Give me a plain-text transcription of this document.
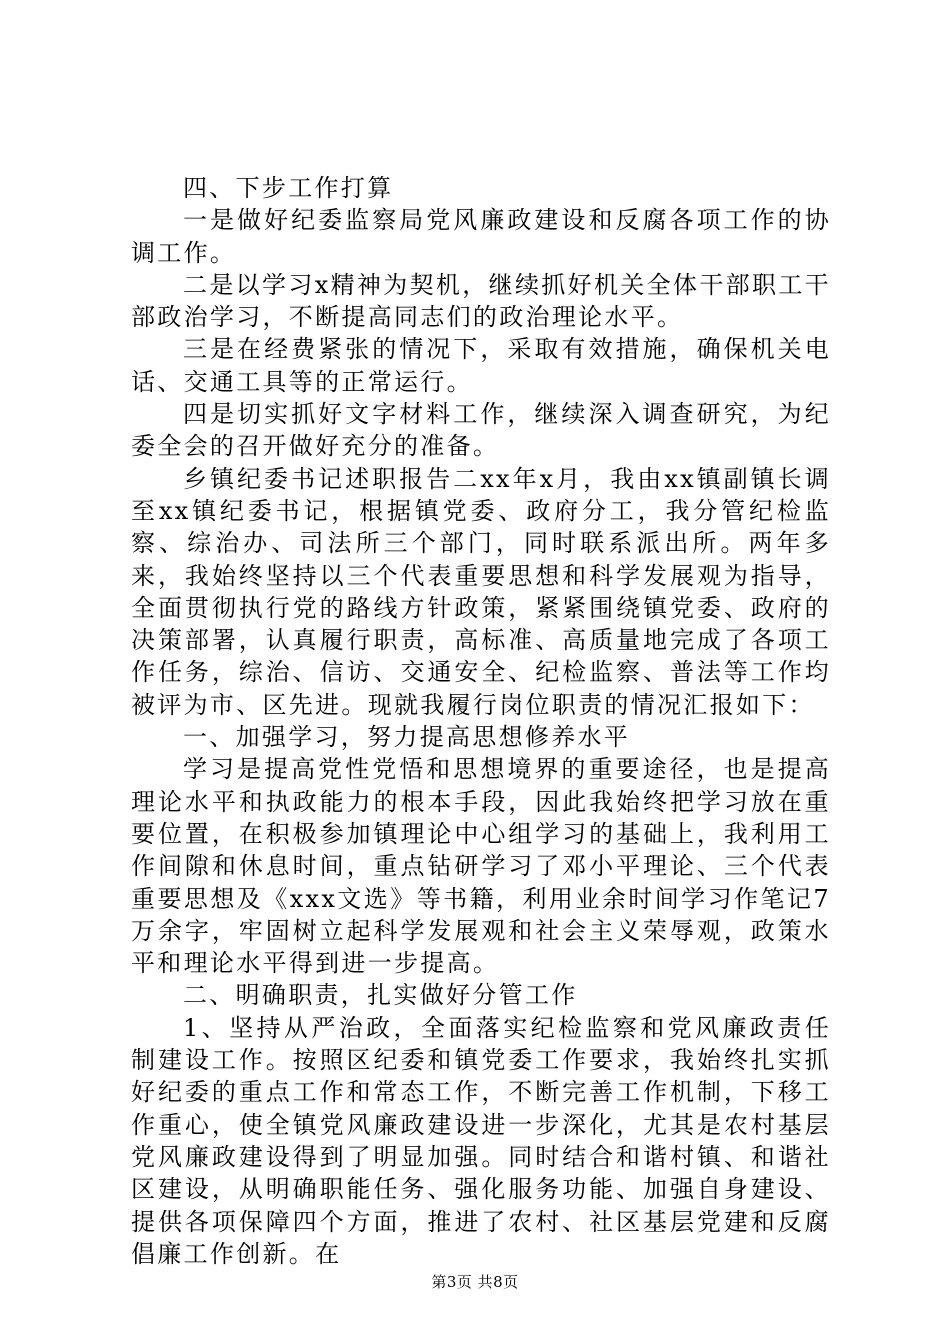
四、下步工作打算

一是做好纪委监察局党风廉政建设和反腐各项工作的协调工作。

二是以学习x精神为契机，继续抓好机关全体干部职工干部政治学习，不断提高同志们的政治理论水平。

三是在经费紧张的情况下，采取有效措施，确保机关电话、交通工具等的正常运行。

四是切实抓好文字材料工作，继续深入调查研究，为纪委全会的召开做好充分的准备。

乡镇纪委书记述职报告二xx年x月，我由xx镇副镇长调至xx镇纪委书记，根据镇党委、政府分工，我分管纪检监察、综治办、司法所三个部门，同时联系派出所。两年多来，我始终坚持以三个代表重要思想和科学发展观为指导，全面贯彻执行党的路线方针政策，紧紧围绕镇党委、政府的决策部署，认真履行职责，高标准、高质量地完成了各项工作任务，综治、信访、交通安全、纪检监察、普法等工作均被评为市、区先进。现就我履行岗位职责的情况汇报如下：

一、加强学习，努力提高思想修养水平

学习是提高党性党悟和思想境界的重要途径，也是提高理论水平和执政能力的根本手段，因此我始终把学习放在重要位置，在积极参加镇理论中心组学习的基础上，我利用工作间隙和休息时间，重点钻研学习了邓小平理论、三个代表重要思想及《xxx文选》等书籍，利用业余时间学习作笔记7万余字，牢固树立起科学发展观和社会主义荣辱观，政策水平和理论水平得到进一步提高。

二、明确职责，扎实做好分管工作

1、坚持从严治政，全面落实纪检监察和党风廉政责任制建设工作。按照区纪委和镇党委工作要求，我始终扎实抓好纪委的重点工作和常态工作，不断完善工作机制，下移工作重心，使全镇党风廉政建设进一步深化，尤其是农村基层党风廉政建设得到了明显加强。同时结合和谐村镇、和谐社区建设，从明确职能任务、强化服务功能、加强自身建设、提供各项保障四个方面，推进了农村、社区基层党建和反腐倡廉工作创新。在

第3页 共8页
